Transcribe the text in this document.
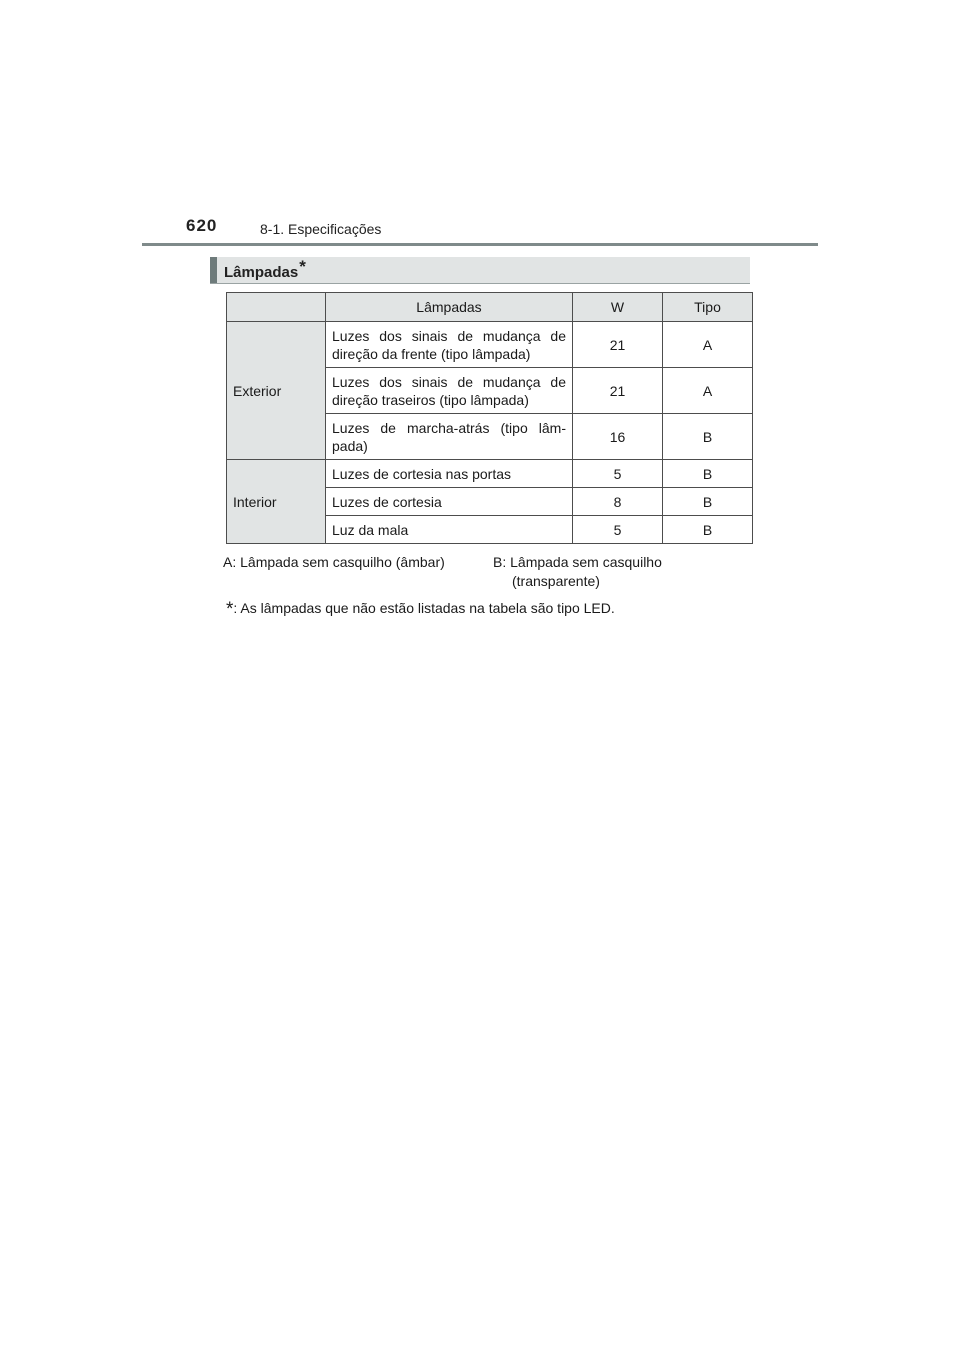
620	8-1. Especificações
Lâmpadas*
	Lâmpadas	W	Tipo
Exterior	Luzes dos sinais de mudança de direção da frente (tipo lâmpada)	21	A
	Luzes dos sinais de mudança de direção traseiros (tipo lâmpada)	21	A
	Luzes de marcha-atrás (tipo lâm-pada)	16	B
Interior	Luzes de cortesia nas portas	5	B
	Luzes de cortesia	8	B
	Luz da mala	5	B
A: Lâmpada sem casquilho (âmbar)	B: Lâmpada sem casquilho
(transparente)
*: As lâmpadas que não estão listadas na tabela são tipo LED.
